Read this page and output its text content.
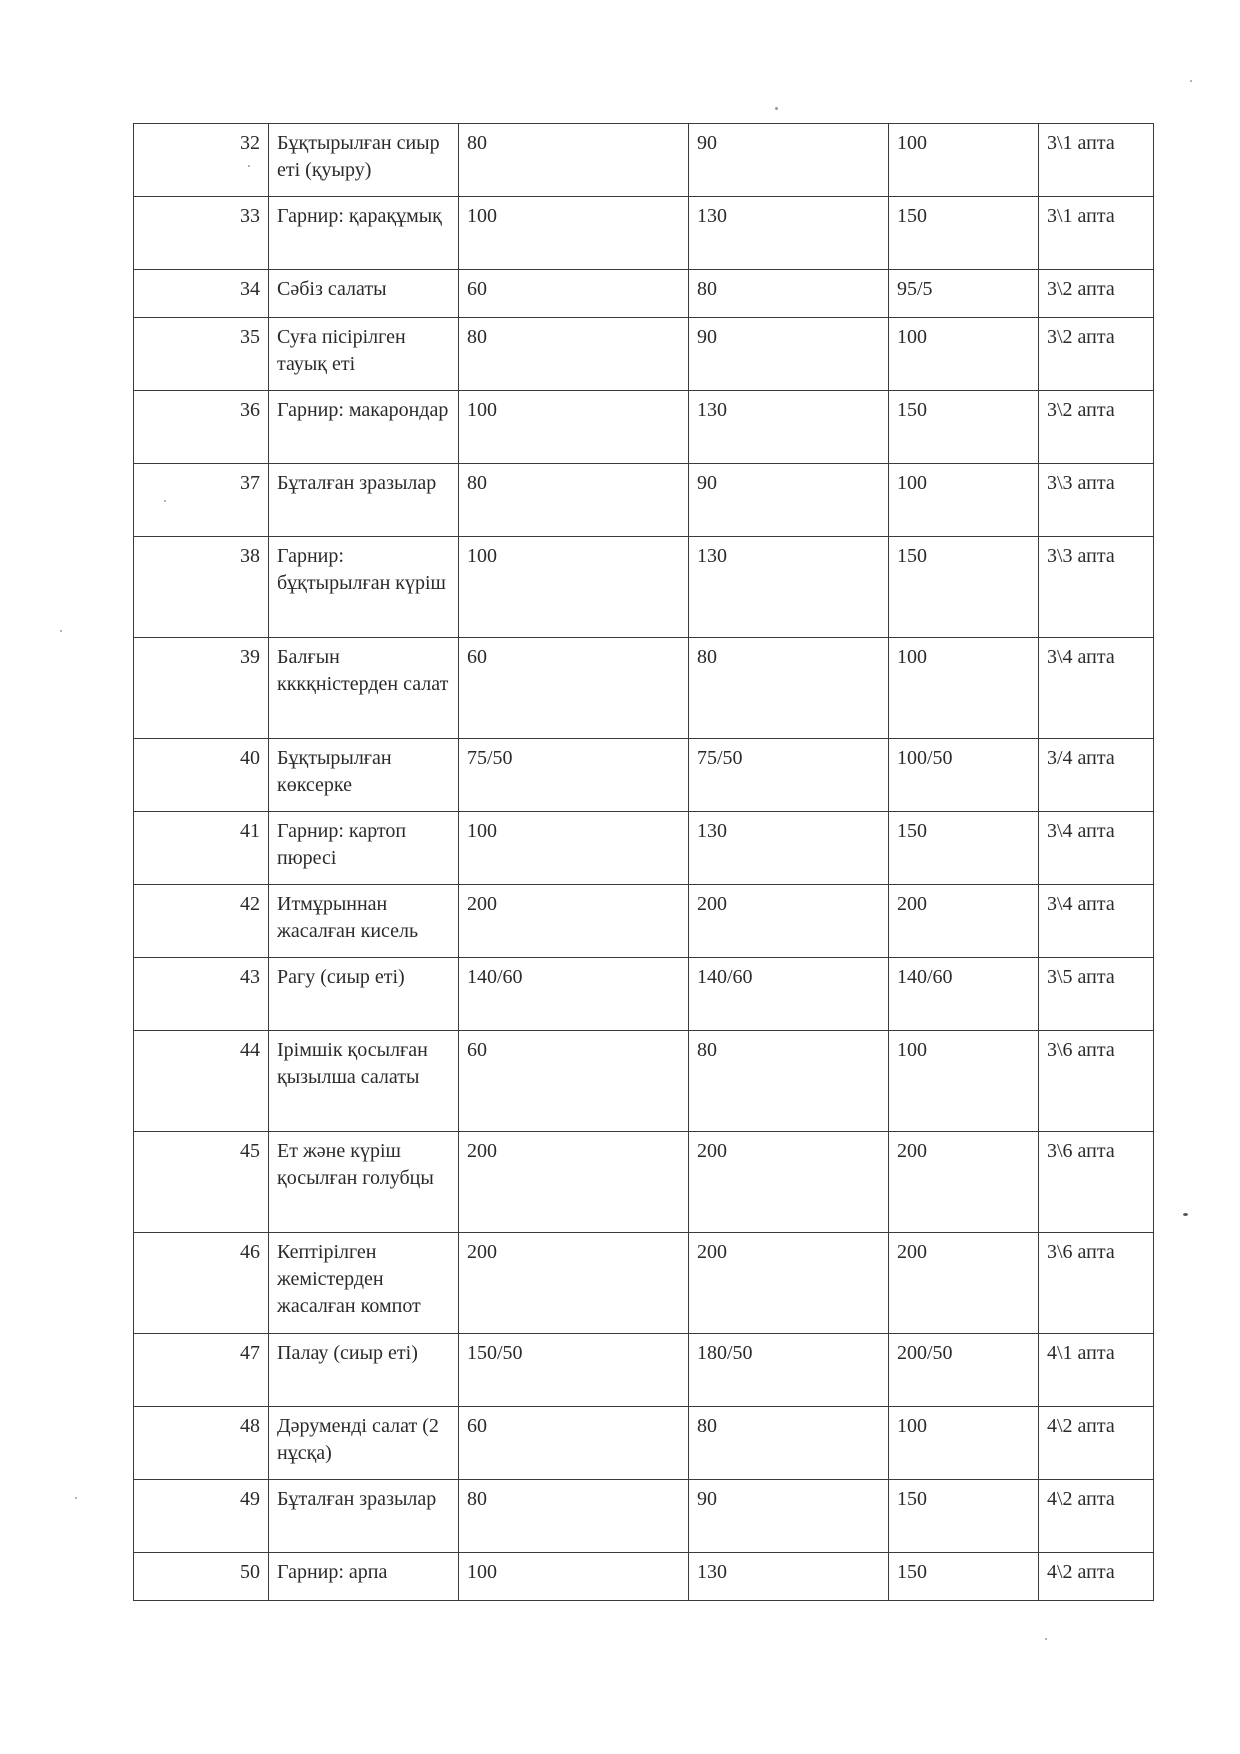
32	Бұқтырылған сиыр еті (қуыру)	80	90	100	3\1 апта
33	Гарнир: қарақұмық	100	130	150	3\1 апта
34	Сәбіз салаты	60	80	95/5	3\2 апта
35	Суға пісірілген тауық еті	80	90	100	3\2 апта
36	Гарнир: макарондар	100	130	150	3\2 апта
37	Бұталған зразылар	80	90	100	3\3 апта
38	Гарнир: бұқтырылған күріш	100	130	150	3\3 апта
39	Балғын кккқністерден салат	60	80	100	3\4 апта
40	Бұқтырылған көксерке	75/50	75/50	100/50	3/4 апта
41	Гарнир: картоп пюресі	100	130	150	3\4 апта
42	Итмұрыннан жасалған кисель	200	200	200	3\4 апта
43	Рагу (сиыр еті)	140/60	140/60	140/60	3\5 апта
44	Ірімшік қосылған қызылша салаты	60	80	100	3\6 апта
45	Ет және күріш қосылған голубцы	200	200	200	3\6 апта
46	Кептірілген жемістерден жасалған компот	200	200	200	3\6 апта
47	Палау (сиыр еті)	150/50	180/50	200/50	4\1 апта
48	Дәруменді салат (2 нұсқа)	60	80	100	4\2 апта
49	Бұталған зразылар	80	90	150	4\2 апта
50	Гарнир: арпа	100	130	150	4\2 апта
